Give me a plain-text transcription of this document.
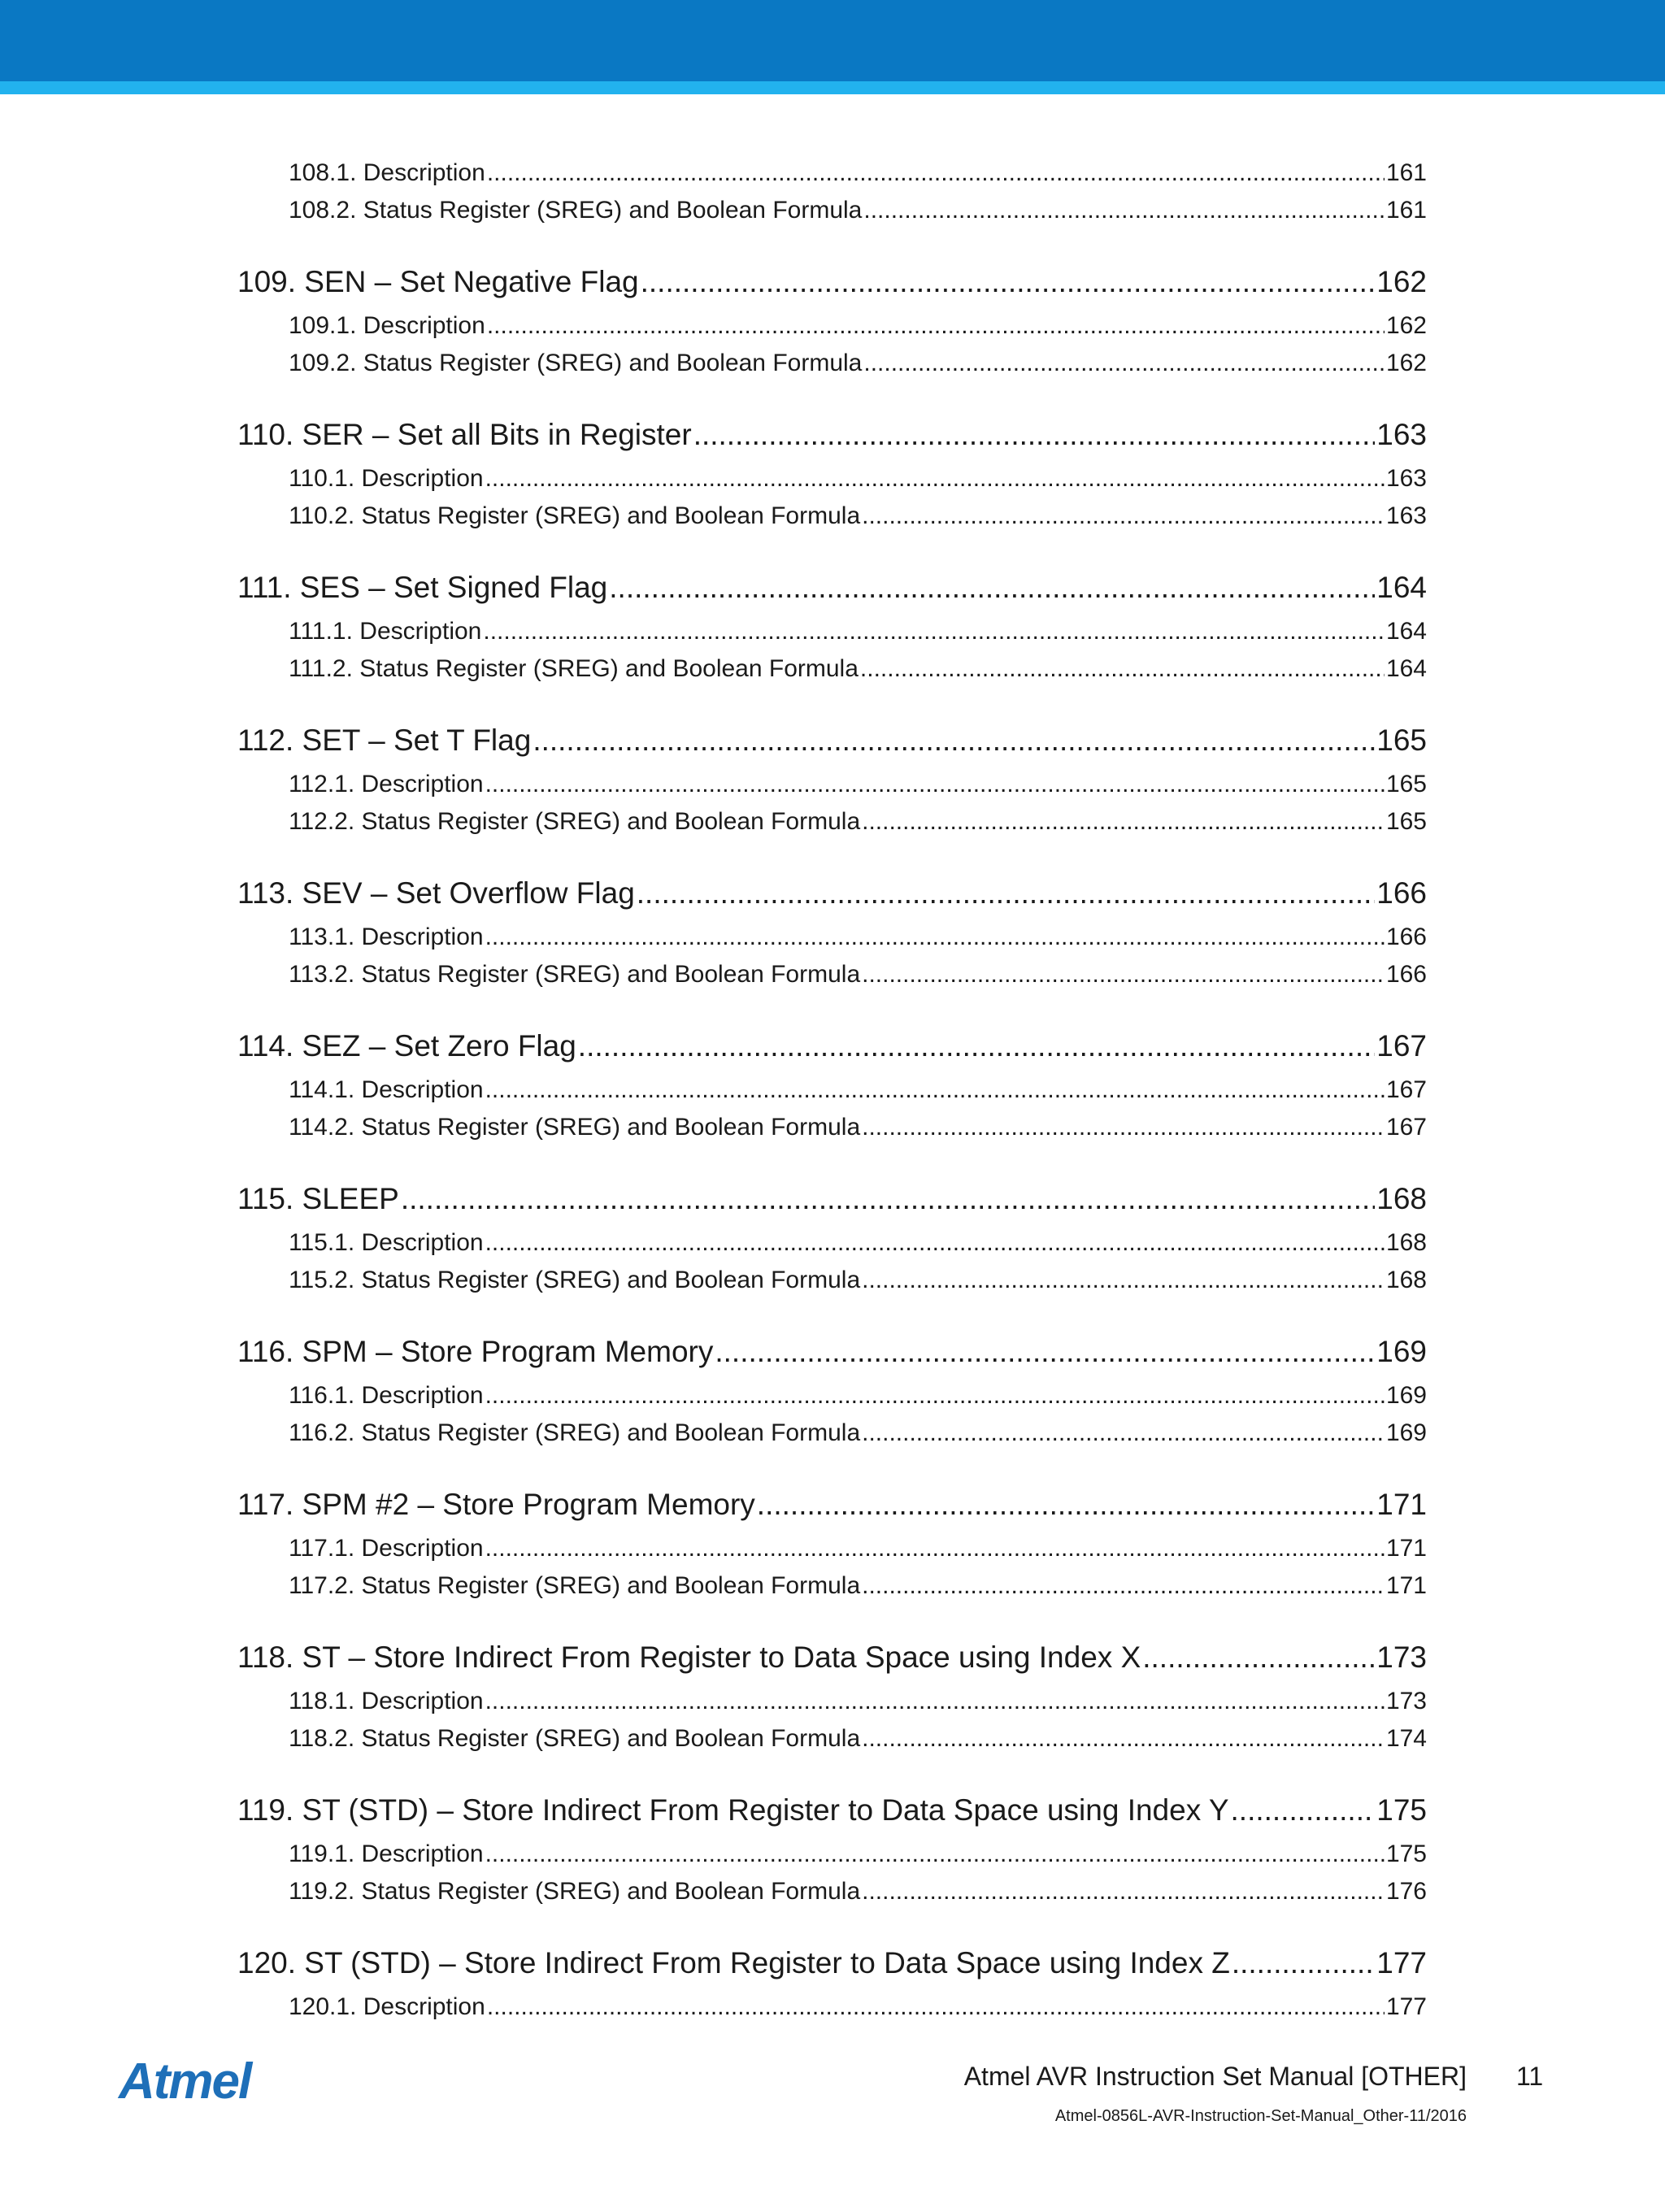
108.1. Description .....	161
108.2. Status Register (SREG) and Boolean Formula .....	161
109. SEN – Set Negative Flag .....	162
109.1. Description .....	162
109.2. Status Register (SREG) and Boolean Formula .....	162
110. SER – Set all Bits in Register .....	163
110.1. Description .....	163
110.2. Status Register (SREG) and Boolean Formula .....	163
111. SES – Set Signed Flag .....	164
111.1. Description .....	164
111.2. Status Register (SREG) and Boolean Formula .....	164
112. SET – Set T Flag .....	165
112.1. Description .....	165
112.2. Status Register (SREG) and Boolean Formula .....	165
113. SEV – Set Overflow Flag .....	166
113.1. Description .....	166
113.2. Status Register (SREG) and Boolean Formula .....	166
114. SEZ – Set Zero Flag .....	167
114.1. Description .....	167
114.2. Status Register (SREG) and Boolean Formula .....	167
115. SLEEP .....	168
115.1. Description .....	168
115.2. Status Register (SREG) and Boolean Formula .....	168
116. SPM – Store Program Memory .....	169
116.1. Description .....	169
116.2. Status Register (SREG) and Boolean Formula .....	169
117. SPM #2 – Store Program Memory .....	171
117.1. Description .....	171
117.2. Status Register (SREG) and Boolean Formula .....	171
118. ST – Store Indirect From Register to Data Space using Index X .....	173
118.1. Description .....	173
118.2. Status Register (SREG) and Boolean Formula .....	174
119. ST (STD) – Store Indirect From Register to Data Space using Index Y .....	175
119.1. Description .....	175
119.2. Status Register (SREG) and Boolean Formula .....	176
120. ST (STD) – Store Indirect From Register to Data Space using Index Z .....	177
120.1. Description .....	177
Atmel	Atmel AVR Instruction Set Manual [OTHER] 11
Atmel-0856L-AVR-Instruction-Set-Manual_Other-11/2016
